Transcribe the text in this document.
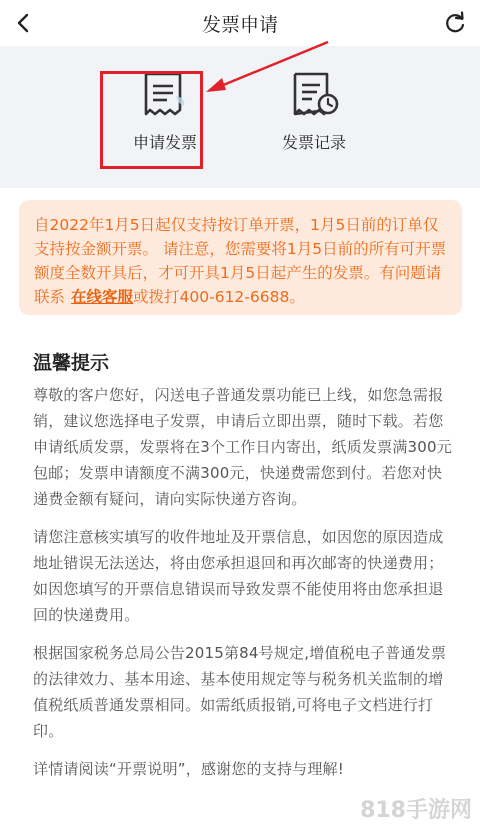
发票申请
申请发票	发票记录
自2022年1月5日起仅支持按订单开票，1月5日前的订单仅支持按金额开票。 请注意，您需要将1月5日前的所有可开票额度全数开具后，才可开具1月5日起产生的发票。有问题请联系 在线客服或拨打400-612-6688。
温馨提示

尊敬的客户您好，闪送电子普通发票功能已上线，如您急需报销，建议您选择电子发票，申请后立即出票，随时下载。若您申请纸质发票，发票将在3个工作日内寄出，纸质发票满300元包邮；发票申请额度不满300元，快递费需您到付。若您对快递费金额有疑问，请向实际快递方咨询。

请您注意核实填写的收件地址及开票信息，如因您的原因造成地址错误无法送达，将由您承担退回和再次邮寄的快递费用；如因您填写的开票信息错误而导致发票不能使用将由您承担退回的快递费用。

根据国家税务总局公告2015第84号规定,增值税电子普通发票的法律效力、基本用途、基本使用规定等与税务机关监制的增值税纸质普通发票相同。如需纸质报销,可将电子文档进行打印。

详情请阅读“开票说明”，感谢您的支持与理解!

818手游网
